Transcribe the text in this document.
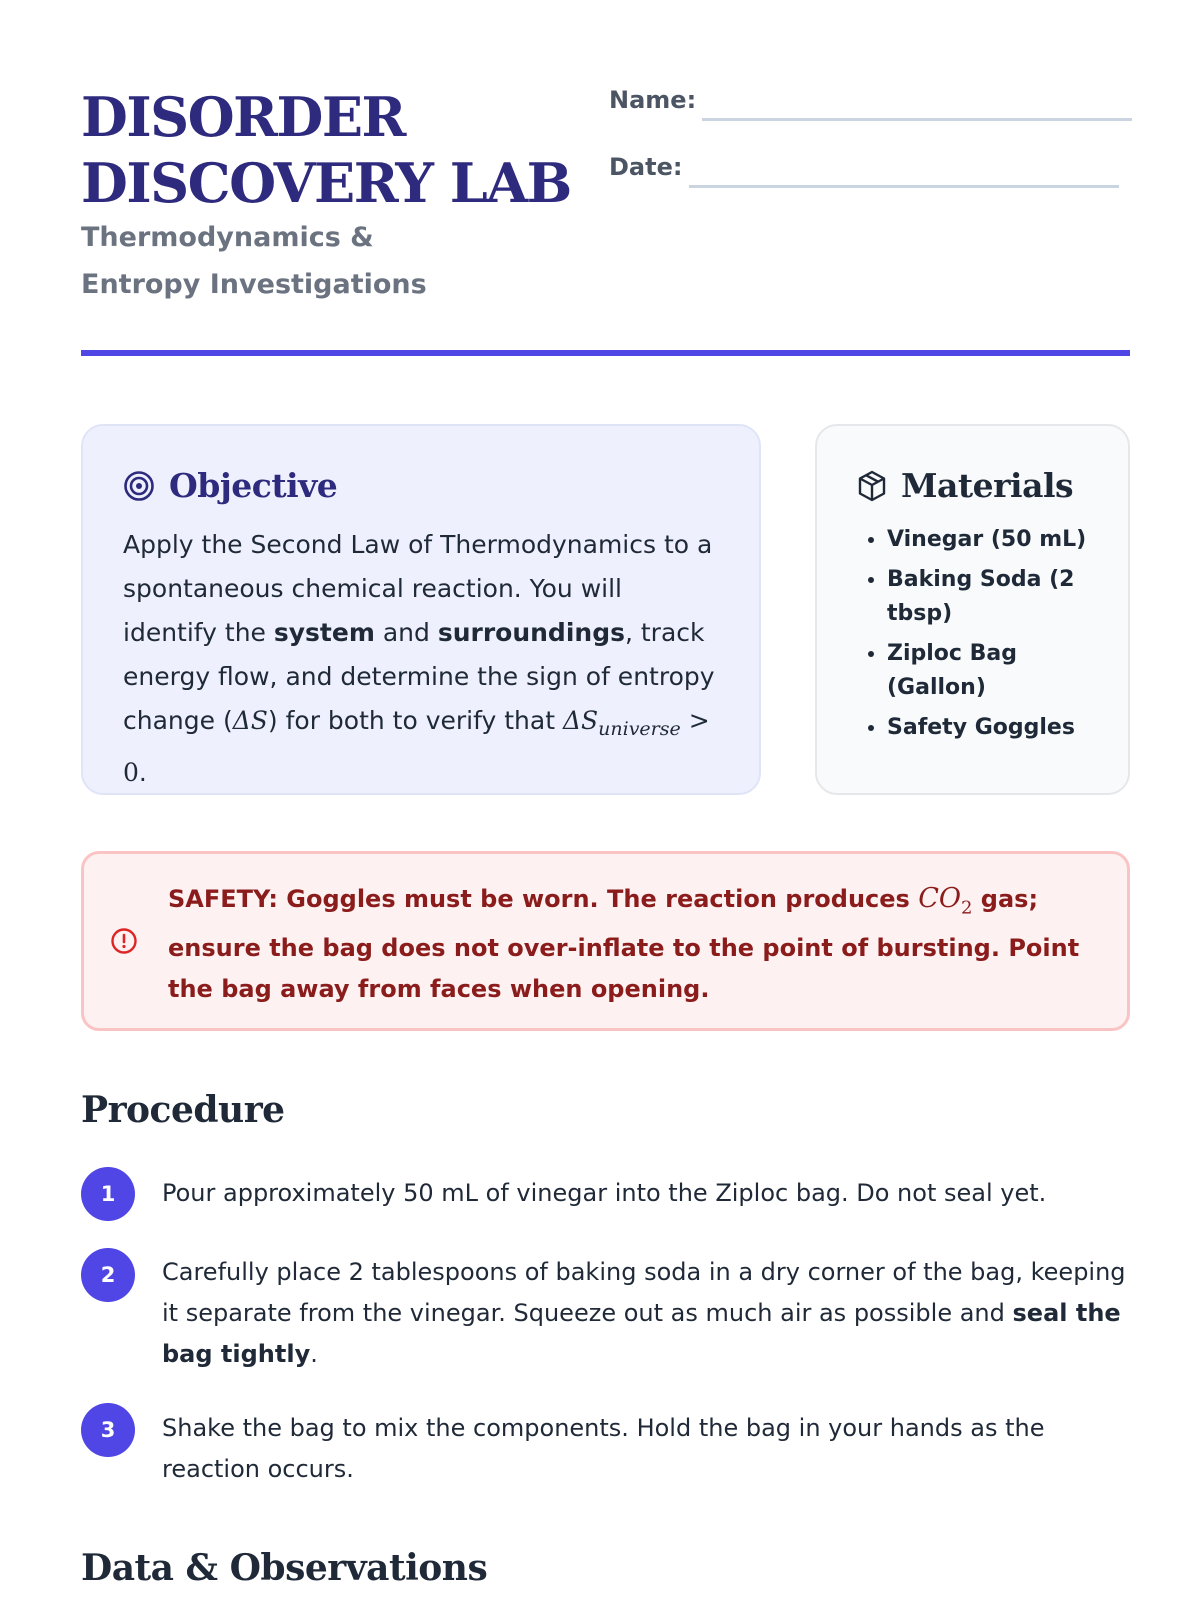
DISORDER
DISCOVERY LAB
Thermodynamics & Entropy Investigations
Name:
Date:
Objective

Apply the Second Law of Thermodynamics to a spontaneous chemical reaction. You will identify the system and surroundings, track energy flow, and determine the sign of entropy change (ΔS) for both to verify that $\Delta S_{universe} > 0$.

Materials
• Vinegar (50 mL)
• Baking Soda (2 tbsp)
• Ziploc Bag (Gallon)
• Safety Goggles

SAFETY: Goggles must be worn. The reaction produces $CO_2$ gas; ensure the bag does not over-inflate to the point of bursting. Point the bag away from faces when opening.

Procedure
1	Pour approximately 50 mL of vinegar into the Ziploc bag. Do not seal yet.

2	Carefully place 2 tablespoons of baking soda in a dry corner of the bag, keeping it separate from the vinegar. Squeeze out as much air as possible and seal the bag tightly.

3	Shake the bag to mix the components. Hold the bag in your hands as the reaction occurs.

Data & Observations
